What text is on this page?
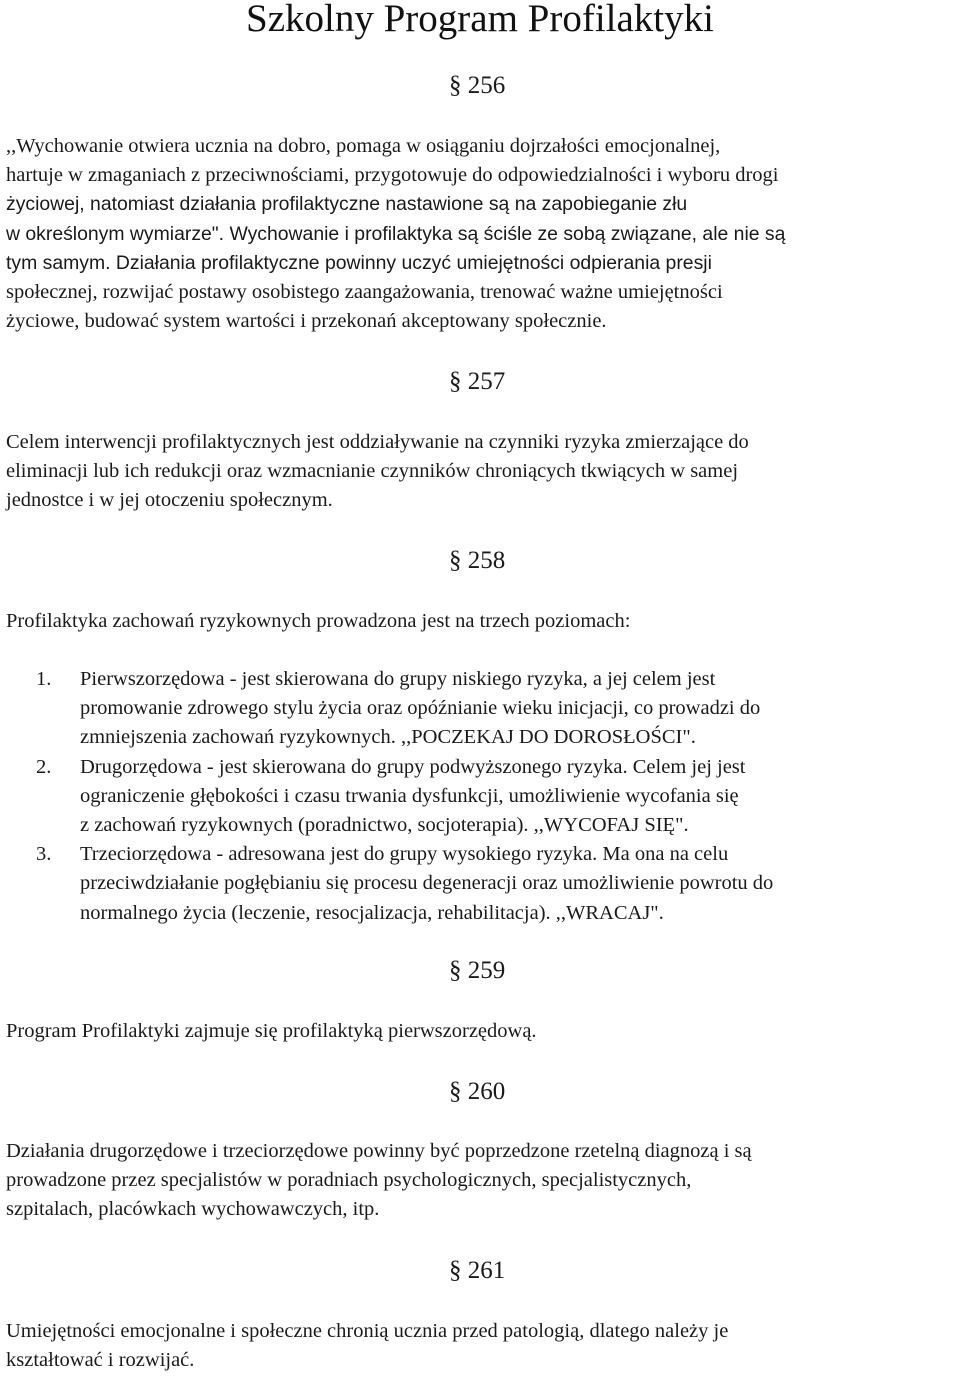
Szkolny Program Profilaktyki
§ 256
,,Wychowanie otwiera ucznia na dobro, pomaga w osiąganiu dojrzałości emocjonalnej,
hartuje w zmaganiach z przeciwnościami, przygotowuje do odpowiedzialności i wyboru drogi
życiowej, natomiast działania profilaktyczne nastawione są na zapobieganie złu
w określonym wymiarze". Wychowanie i profilaktyka są ściśle ze sobą związane, ale nie są
tym samym. Działania profilaktyczne powinny uczyć umiejętności odpierania presji
społecznej, rozwijać postawy osobistego zaangażowania, trenować ważne umiejętności
życiowe, budować system wartości i przekonań akceptowany społecznie.
§ 257
Celem interwencji profilaktycznych jest oddziaływanie na czynniki ryzyka zmierzające do
eliminacji lub ich redukcji oraz wzmacnianie czynników chroniących tkwiących w samej
jednostce i w jej otoczeniu społecznym.
§ 258
Profilaktyka zachowań ryzykownych prowadzona jest na trzech poziomach:
1. Pierwszorzędowa - jest skierowana do grupy niskiego ryzyka, a jej celem jest
promowanie zdrowego stylu życia oraz opóźnianie wieku inicjacji, co prowadzi do
zmniejszenia zachowań ryzykownych. ,,POCZEKAJ DO DOROSŁOŚCI".
2. Drugorzędowa - jest skierowana do grupy podwyższonego ryzyka. Celem jej jest
ograniczenie głębokości i czasu trwania dysfunkcji, umożliwienie wycofania się
z zachowań ryzykownych (poradnictwo, socjoterapia). ,,WYCOFAJ SIĘ".
3. Trzeciorzędowa - adresowana jest do grupy wysokiego ryzyka. Ma ona na celu
przeciwdziałanie pogłębianiu się procesu degeneracji oraz umożliwienie powrotu do
normalnego życia (leczenie, resocjalizacja, rehabilitacja). ,,WRACAJ".
§ 259
Program Profilaktyki zajmuje się profilaktyką pierwszorzędową.
§ 260
Działania drugorzędowe i trzeciorzędowe powinny być poprzedzone rzetelną diagnozą i są
prowadzone przez specjalistów w poradniach psychologicznych, specjalistycznych,
szpitalach, placówkach wychowawczych, itp.
§ 261
Umiejętności emocjonalne i społeczne chronią ucznia przed patologią, dlatego należy je
kształtować i rozwijać.
